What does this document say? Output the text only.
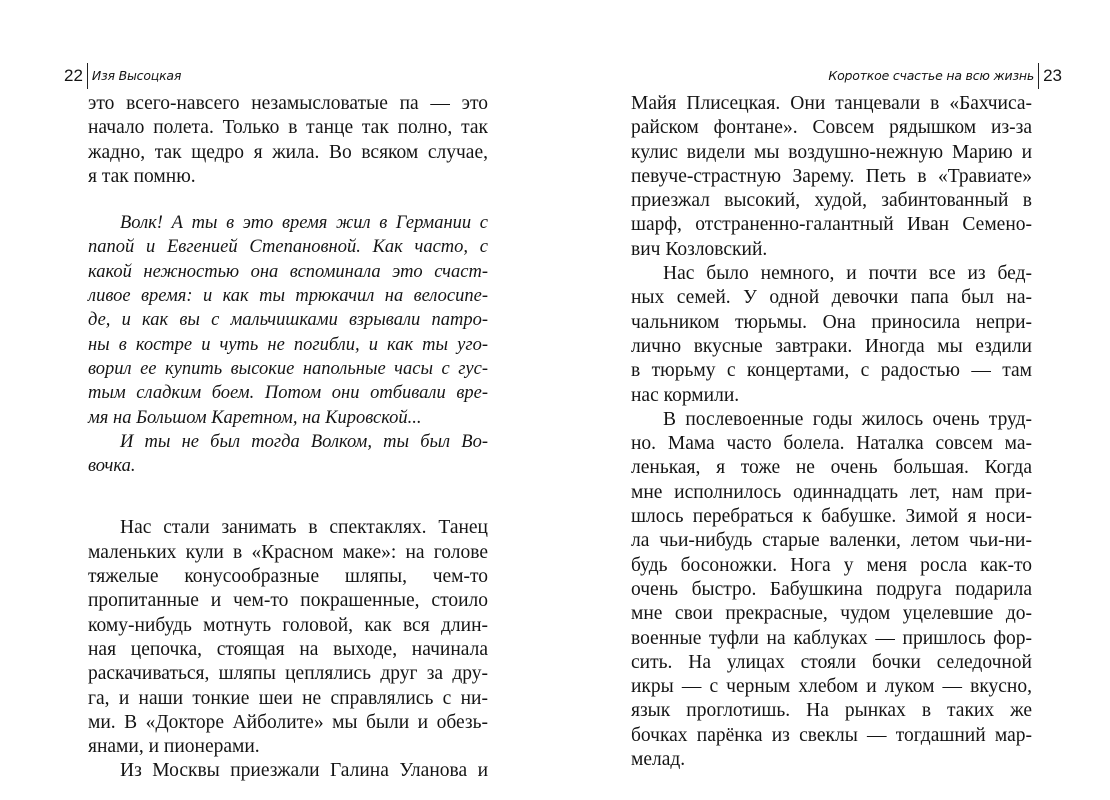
22 Изя Высоцкая
это всего-навсего незамысловатые па — это
начало полета. Только в танце так полно, так
жадно, так щедро я жила. Во всяком случае,
я так помню.
Волк! А ты в это время жил в Германии с
папой и Евгенией Степановной. Как часто, с
какой нежностью она вспоминала это счаст-
ливое время: и как ты трюкачил на велосипе-
де, и как вы с мальчишками взрывали патро-
ны в костре и чуть не погибли, и как ты уго-
ворил ее купить высокие напольные часы с гус-
тым сладким боем. Потом они отбивали вре-
мя на Большом Каретном, на Кировской...
И ты не был тогда Волком, ты был Во-
вочка.
Нас стали занимать в спектаклях. Танец
маленьких кули в «Красном маке»: на голове
тяжелые конусообразные шляпы, чем-то
пропитанные и чем-то покрашенные, стоило
кому-нибудь мотнуть головой, как вся длин-
ная цепочка, стоящая на выходе, начинала
раскачиваться, шляпы цеплялись друг за дру-
га, и наши тонкие шеи не справлялись с ни-
ми. В «Докторе Айболите» мы были и обезь-
янами, и пионерами.
Из Москвы приезжали Галина Уланова и
Короткое счастье на всю жизнь 23
Майя Плисецкая. Они танцевали в «Бахчиса-
райском фонтане». Совсем рядышком из-за
кулис видели мы воздушно-нежную Марию и
певуче-страстную Зарему. Петь в «Травиате»
приезжал высокий, худой, забинтованный в
шарф, отстраненно-галантный Иван Семено-
вич Козловский.
Нас было немного, и почти все из бед-
ных семей. У одной девочки папа был на-
чальником тюрьмы. Она приносила непри-
лично вкусные завтраки. Иногда мы ездили
в тюрьму с концертами, с радостью — там
нас кормили.
В послевоенные годы жилось очень труд-
но. Мама часто болела. Наталка совсем ма-
ленькая, я тоже не очень большая. Когда
мне исполнилось одиннадцать лет, нам при-
шлось перебраться к бабушке. Зимой я носи-
ла чьи-нибудь старые валенки, летом чьи-ни-
будь босоножки. Нога у меня росла как-то
очень быстро. Бабушкина подруга подарила
мне свои прекрасные, чудом уцелевшие до-
военные туфли на каблуках — пришлось фор-
сить. На улицах стояли бочки селедочной
икры — с черным хлебом и луком — вкусно,
язык проглотишь. На рынках в таких же
бочках парёнка из свеклы — тогдашний мар-
мелад.
